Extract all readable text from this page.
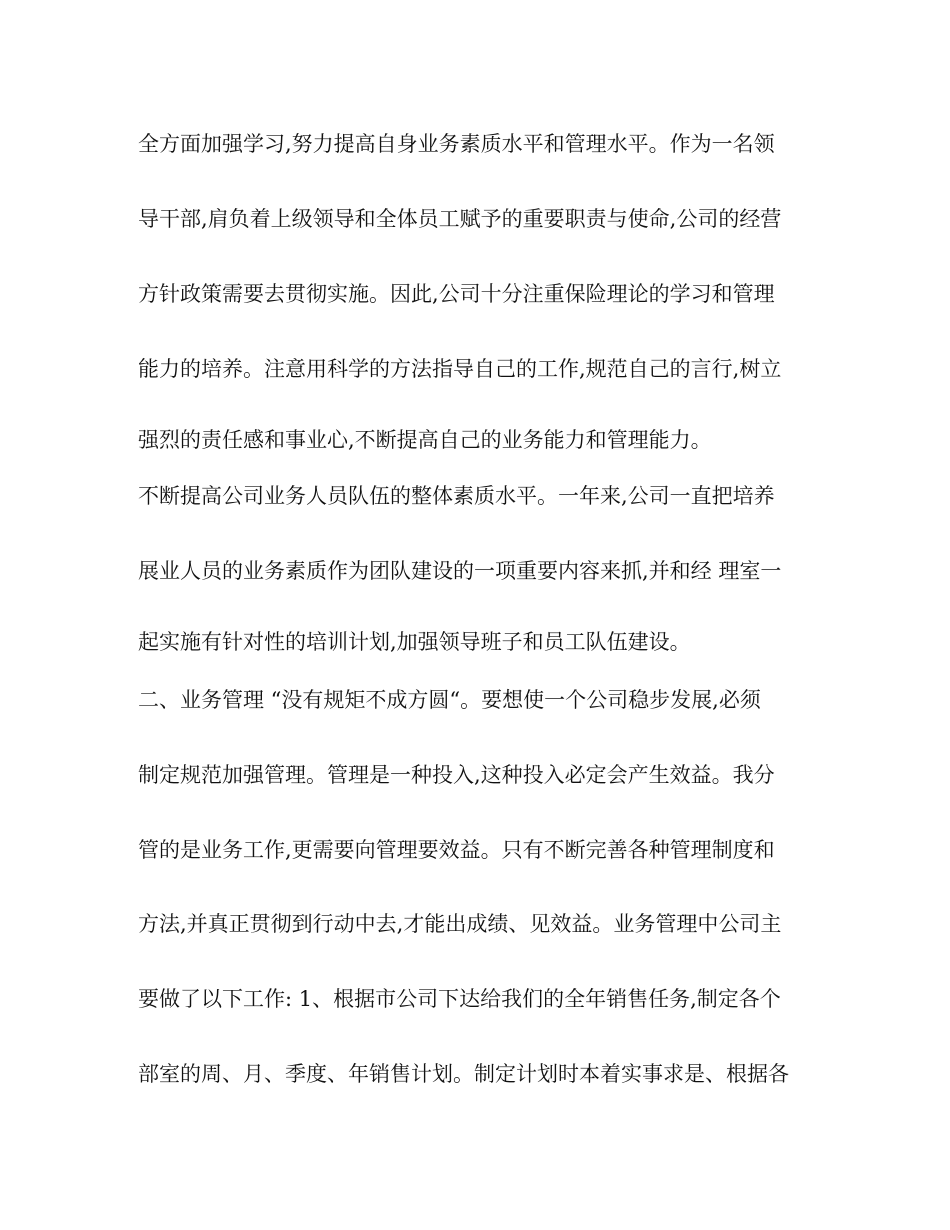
全方面加强学习,努力提高自身业务素质水平和管理水平。作为一名领
导干部,肩负着上级领导和全体员工赋予的重要职责与使命,公司的经营
方针政策需要去贯彻实施。因此,公司十分注重保险理论的学习和管理
能力的培养。注意用科学的方法指导自己的工作,规范自己的言行,树立
强烈的责任感和事业心,不断提高自己的业务能力和管理能力。
不断提高公司业务人员队伍的整体素质水平。一年来,公司一直把培养
展业人员的业务素质作为团队建设的一项重要内容来抓,并和经 理室一
起实施有针对性的培训计划,加强领导班子和员工队伍建设。
二、业务管理 “没有规矩不成方圆“。要想使一个公司稳步发展,必须
制定规范加强管理。管理是一种投入,这种投入必定会产生效益。我分
管的是业务工作,更需要向管理要效益。只有不断完善各种管理制度和
方法,并真正贯彻到行动中去,才能出成绩、见效益。业务管理中公司主
要做了以下工作: 1、根据市公司下达给我们的全年销售任务,制定各个
部室的周、月、季度、年销售计划。制定计划时本着实事求是、根据各
